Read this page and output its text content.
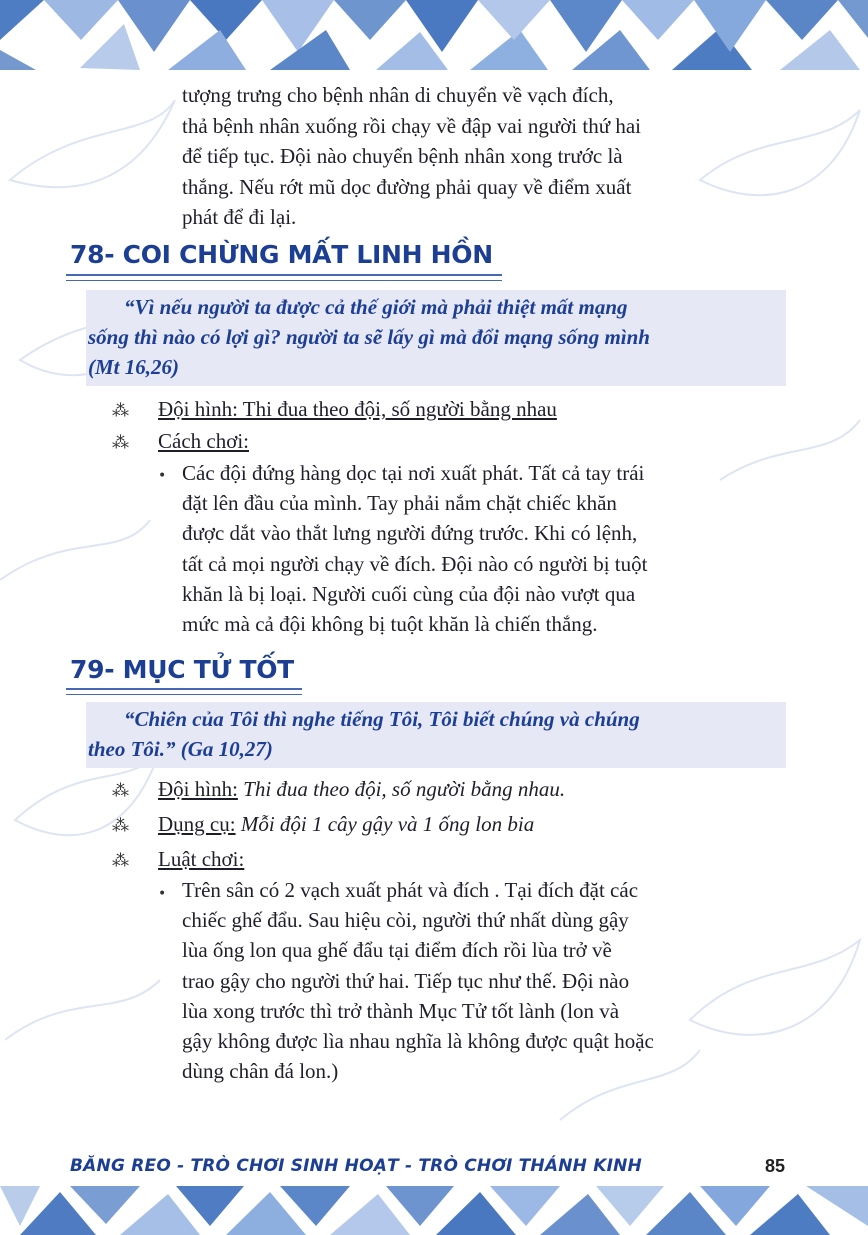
tượng trưng cho bệnh nhân di chuyển về vạch đích,
thả bệnh nhân xuống rồi chạy về đập vai người thứ hai
để tiếp tục. Đội nào chuyển bệnh nhân xong trước là
thắng. Nếu rớt mũ dọc đường phải quay về điểm xuất
phát để đi lại.
78- COI CHỪNG MẤT LINH HỒN
“Vì nếu người ta được cả thế giới mà phải thiệt mất mạng
sống thì nào có lợi gì? người ta sẽ lấy gì mà đổi mạng sống mình
(Mt 16,26)
⁂ Đội hình: Thi đua theo đội, số người bằng nhau
⁂ Cách chơi:
• Các đội đứng hàng dọc tại nơi xuất phát. Tất cả tay trái
đặt lên đầu của mình. Tay phải nắm chặt chiếc khăn
được dắt vào thắt lưng người đứng trước. Khi có lệnh,
tất cả mọi người chạy về đích. Đội nào có người bị tuột
khăn là bị loại. Người cuối cùng của đội nào vượt qua
mức mà cả đội không bị tuột khăn là chiến thắng.
79- MỤC TỬ TỐT
“Chiên của Tôi thì nghe tiếng Tôi, Tôi biết chúng và chúng
theo Tôi.” (Ga 10,27)
⁂ Đội hình: Thi đua theo đội, số người bằng nhau.
⁂ Dụng cụ: Mỗi đội 1 cây gậy và 1 ống lon bia
⁂ Luật chơi:
• Trên sân có 2 vạch xuất phát và đích . Tại đích đặt các
chiếc ghế đẩu. Sau hiệu còi, người thứ nhất dùng gậy
lùa ống lon qua ghế đẩu tại điểm đích rồi lùa trở về
trao gậy cho người thứ hai. Tiếp tục như thế. Đội nào
lùa xong trước thì trở thành Mục Tử tốt lành (lon và
gậy không được lìa nhau nghĩa là không được quật hoặc
dùng chân đá lon.)
BĂNG REO - TRÒ CHƠI SINH HOẠT - TRÒ CHƠI THÁNH KINH	85
